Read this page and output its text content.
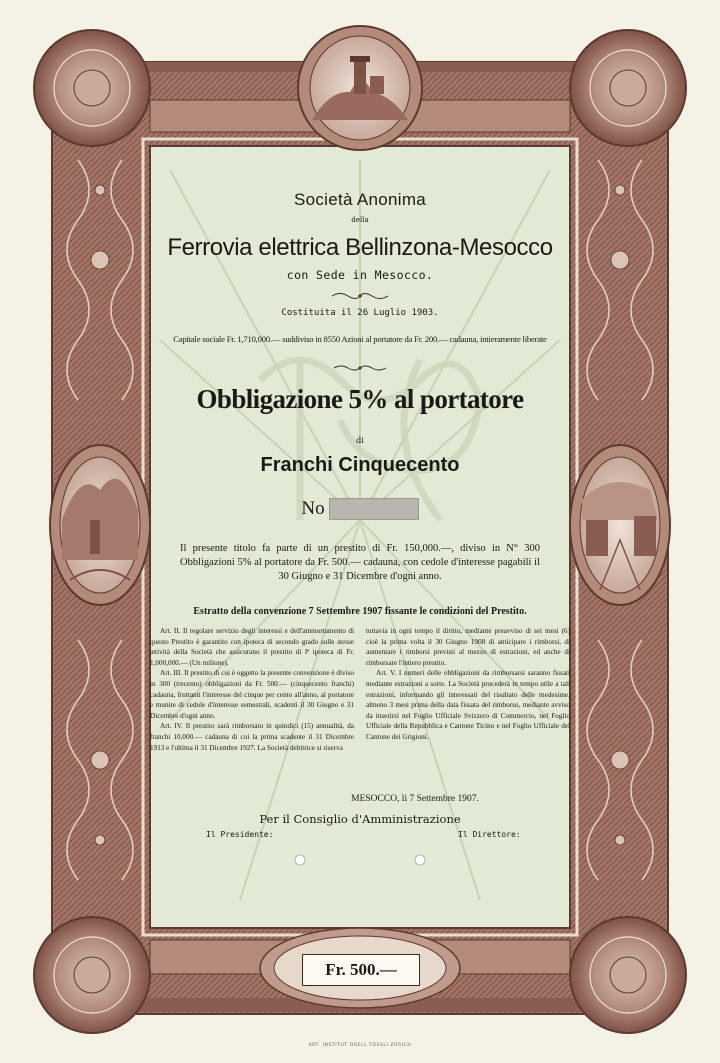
Società Anonima
della
Ferrovia elettrica Bellinzona-Mesocco
con Sede in Mesocco.
Costituita il 26 Luglio 1903.
Capitale sociale Fr. 1,710,000.— suddiviso in 8550 Azioni al portatore da Fr. 200.— cadauna, intieramente liberate
Obbligazione 5% al portatore
di
Franchi Cinquecento
No
Il presente titolo fa parte di un prestito di Fr. 150,000.—, diviso in N° 300 Obbligazioni 5% al portatore da Fr. 500.— cadauna, con cedole d'interesse pagabili il 30 Giugno e 31 Dicembre d'ogni anno.
Estratto della convenzione 7 Settembre 1907 fissante le condizioni del Prestito.

Art. II. Il regolare servizio degli interessi e dell'ammortamento di questo Prestito è garantito con ipoteca di secondo grado sulle stesse attività della Società che assicurano il prestito di Iª ipoteca di Fr. 1,000,000.— (Un milione).

Art. III. Il prestito di cui è oggetto la presente convenzione è diviso in 300 (trecento) obbligazioni da Fr. 500.— (cinquecento franchi) cadauna, fruttanti l'interesse del cinque per cento all'anno, al portatore e munite di cedole d'interesse semestrali, scadenti il 30 Giugno e 31 Dicembre d'ogni anno.

Art. IV. Il prestito sarà rimborsato in quindici (15) annualità, da franchi 10,000.— cadauna di cui la prima scadente il 31 Dicembre 1913 e l'ultima il 31 Dicembre 1927. La Società debitrice si riserva

tuttavia in ogni tempo il diritto, mediante preavviso di sei mesi (6) cioè la prima volta il 30 Giugno 1908 di anticipare i rimborsi, di aumentare i rimborsi previsti al mezzo di estrazioni, ed anche di rimborsare l'intiero prestito.

Art. V. I numeri delle obbligazioni da rimborsarsi saranno fissati mediante estrazioni a sorte. La Società procederà in tempo utile a tali estrazioni, informando gli interessati del risultato delle medesime, almeno 3 mesi prima della data fissata del rimborso, mediante avviso da inserirsi nel Foglio Ufficiale Svizzero di Commercio, nel Foglio Ufficiale della Repubblica e Cantone Ticino e nel Foglio Ufficiale del Cantone dei Grigioni.

MESOCCO, li 7 Settembre 1907.
Per il Consiglio d'Amministrazione
Il Presidente:	Il Direttore:
Fr. 500.—
ART. INSTITUT ORELL FÜSSLI ZÜRICH
